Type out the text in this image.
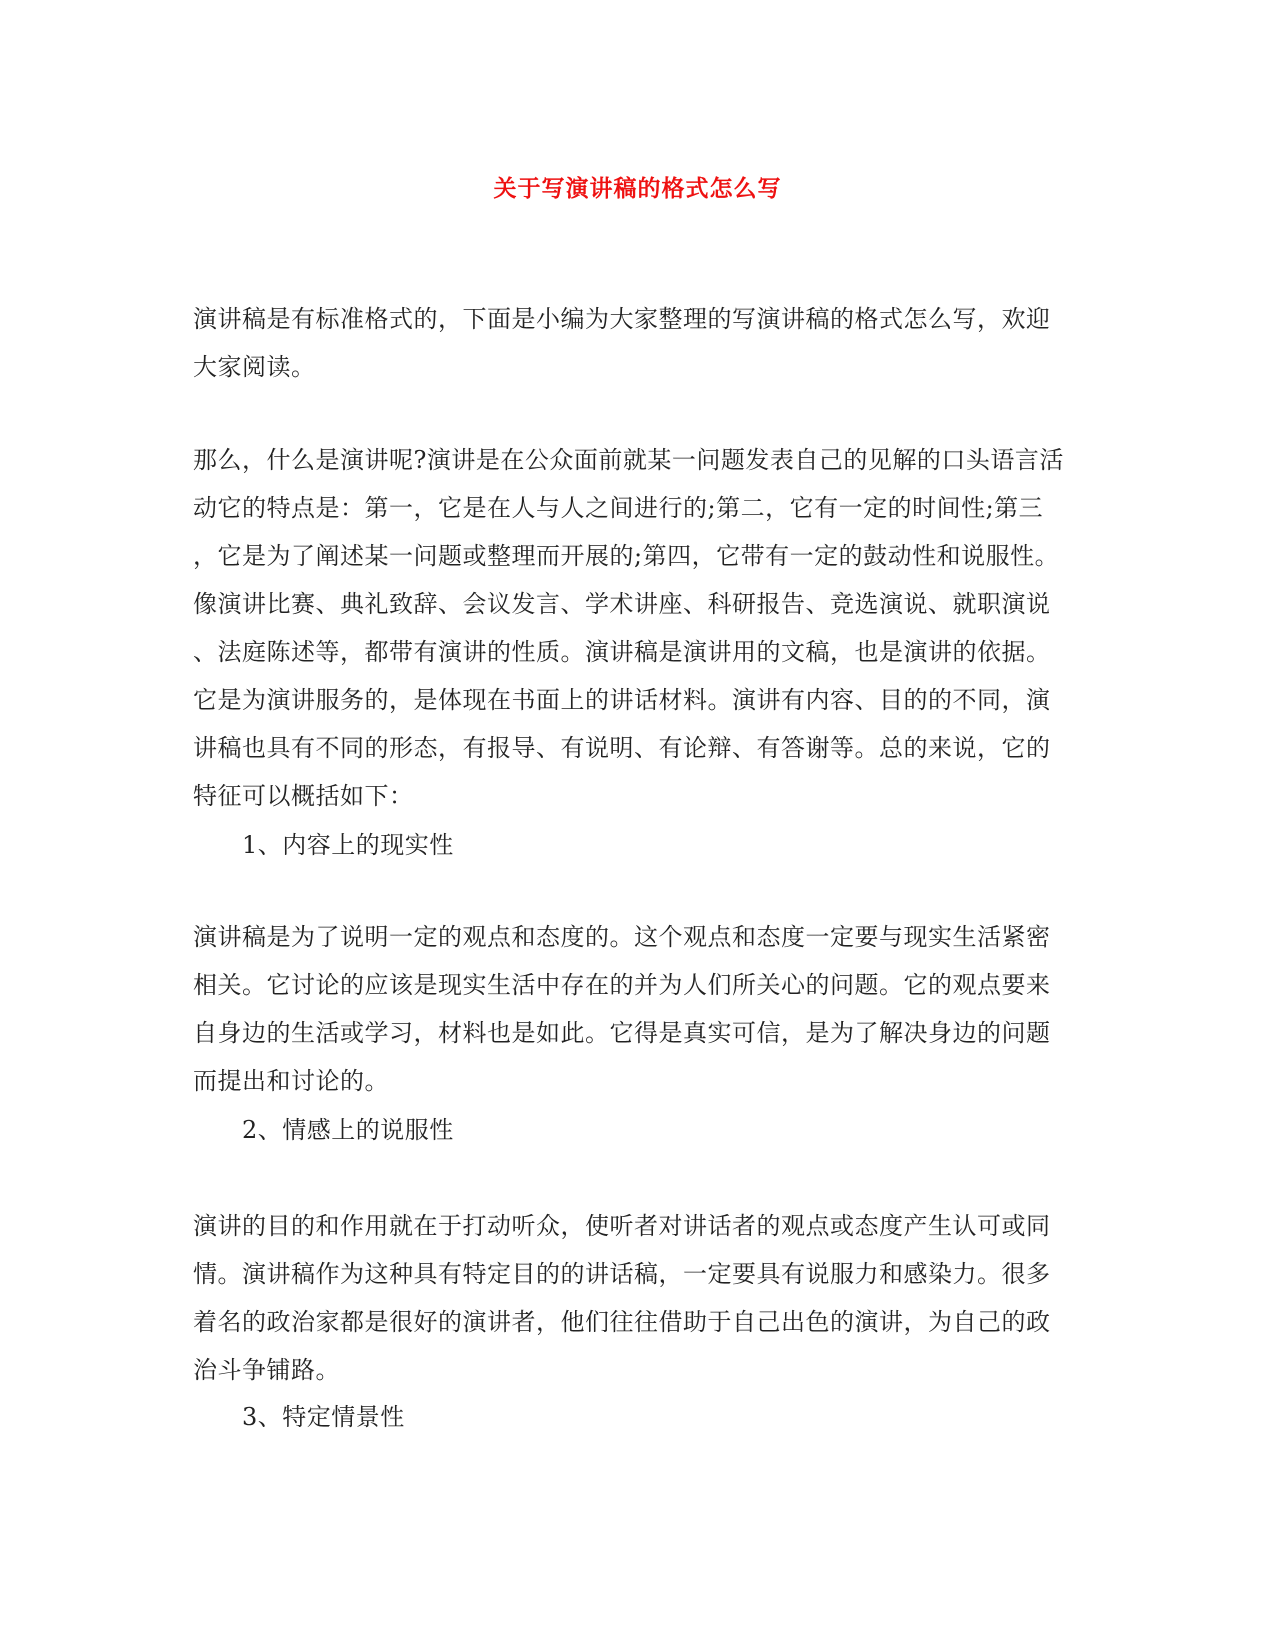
关于写演讲稿的格式怎么写
演讲稿是有标准格式的，下面是小编为大家整理的写演讲稿的格式怎么写，欢迎
大家阅读。
那么，什么是演讲呢?演讲是在公众面前就某一问题发表自己的见解的口头语言活
动它的特点是：第一，它是在人与人之间进行的;第二，它有一定的时间性;第三
，它是为了阐述某一问题或整理而开展的;第四，它带有一定的鼓动性和说服性。
像演讲比赛、典礼致辞、会议发言、学术讲座、科研报告、竞选演说、就职演说
、法庭陈述等，都带有演讲的性质。演讲稿是演讲用的文稿，也是演讲的依据。
它是为演讲服务的，是体现在书面上的讲话材料。演讲有内容、目的的不同，演
讲稿也具有不同的形态，有报导、有说明、有论辩、有答谢等。总的来说，它的
特征可以概括如下：
1、内容上的现实性
演讲稿是为了说明一定的观点和态度的。这个观点和态度一定要与现实生活紧密
相关。它讨论的应该是现实生活中存在的并为人们所关心的问题。它的观点要来
自身边的生活或学习，材料也是如此。它得是真实可信，是为了解决身边的问题
而提出和讨论的。
2、情感上的说服性
演讲的目的和作用就在于打动听众，使听者对讲话者的观点或态度产生认可或同
情。演讲稿作为这种具有特定目的的讲话稿，一定要具有说服力和感染力。很多
着名的政治家都是很好的演讲者，他们往往借助于自己出色的演讲，为自己的政
治斗争铺路。
3、特定情景性
